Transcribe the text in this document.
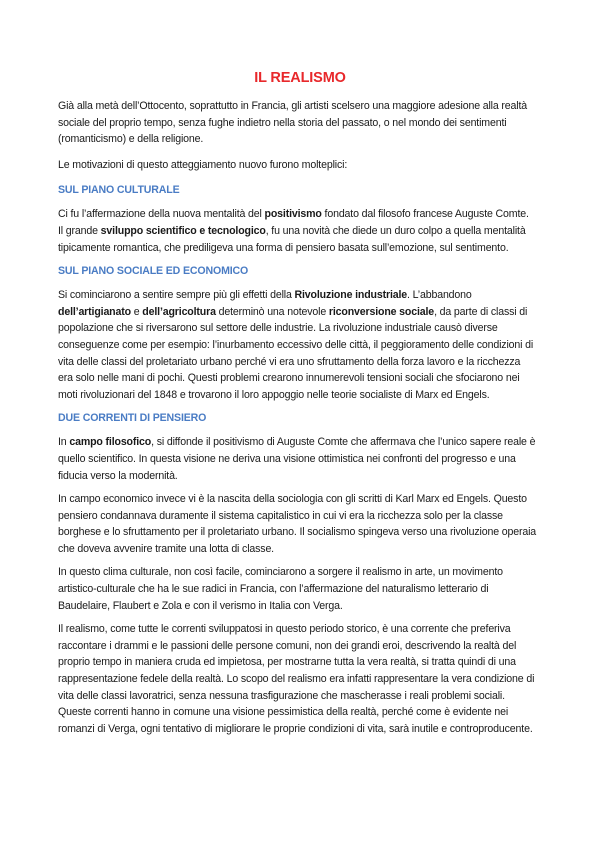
IL REALISMO

Già alla metà dell’Ottocento, soprattutto in Francia, gli artisti scelsero una maggiore adesione alla realtà sociale del proprio tempo, senza fughe indietro nella storia del passato, o nel mondo dei sentimenti (romanticismo) e della religione.

Le motivazioni di questo atteggiamento nuovo furono molteplici:

SUL PIANO CULTURALE

Ci fu l’affermazione della nuova mentalità del positivismo fondato dal filosofo francese Auguste Comte. Il grande sviluppo scientifico e tecnologico, fu una novità che diede un duro colpo a quella mentalità tipicamente romantica, che prediligeva una forma di pensiero basata sull’emozione, sul sentimento.

SUL PIANO SOCIALE ED ECONOMICO

Si cominciarono a sentire sempre più gli effetti della Rivoluzione industriale. L’abbandono dell’artigianato e dell’agricoltura determinò una notevole riconversione sociale, da parte di classi di popolazione che si riversarono sul settore delle industrie. La rivoluzione industriale causò diverse conseguenze come per esempio: l’inurbamento eccessivo delle città, il peggioramento delle condizioni di vita delle classi del proletariato urbano perché vi era uno sfruttamento della forza lavoro e la ricchezza era solo nelle mani di pochi. Questi problemi crearono innumerevoli tensioni sociali che sfociarono nei moti rivoluzionari del 1848 e trovarono il loro appoggio nelle teorie socialiste di Marx ed Engels.

DUE CORRENTI DI PENSIERO

In campo filosofico, si diffonde il positivismo di Auguste Comte che affermava che l’unico sapere reale è quello scientifico. In questa visione ne deriva una visione ottimistica nei confronti del progresso e una fiducia verso la modernità.

In campo economico invece vi è la nascita della sociologia con gli scritti di Karl Marx ed Engels. Questo pensiero condannava duramente il sistema capitalistico in cui vi era la ricchezza solo per la classe borghese e lo sfruttamento per il proletariato urbano. Il socialismo spingeva verso una rivoluzione operaia che doveva avvenire tramite una lotta di classe.

In questo clima culturale, non così facile, cominciarono a sorgere il realismo in arte, un movimento artistico-culturale che ha le sue radici in Francia, con l’affermazione del naturalismo letterario di Baudelaire, Flaubert e Zola e con il verismo in Italia con Verga.

Il realismo, come tutte le correnti sviluppatosi in questo periodo storico, è una corrente che preferiva raccontare i drammi e le passioni delle persone comuni, non dei grandi eroi, descrivendo la realtà del proprio tempo in maniera cruda ed impietosa, per mostrarne tutta la vera realtà, si tratta quindi di una rappresentazione fedele della realtà. Lo scopo del realismo era infatti rappresentare la vera condizione di vita delle classi lavoratrici, senza nessuna trasfigurazione che mascherasse i reali problemi sociali. Queste correnti hanno in comune una visione pessimistica della realtà, perché come è evidente nei romanzi di Verga, ogni tentativo di migliorare le proprie condizioni di vita, sarà inutile e controproducente.
